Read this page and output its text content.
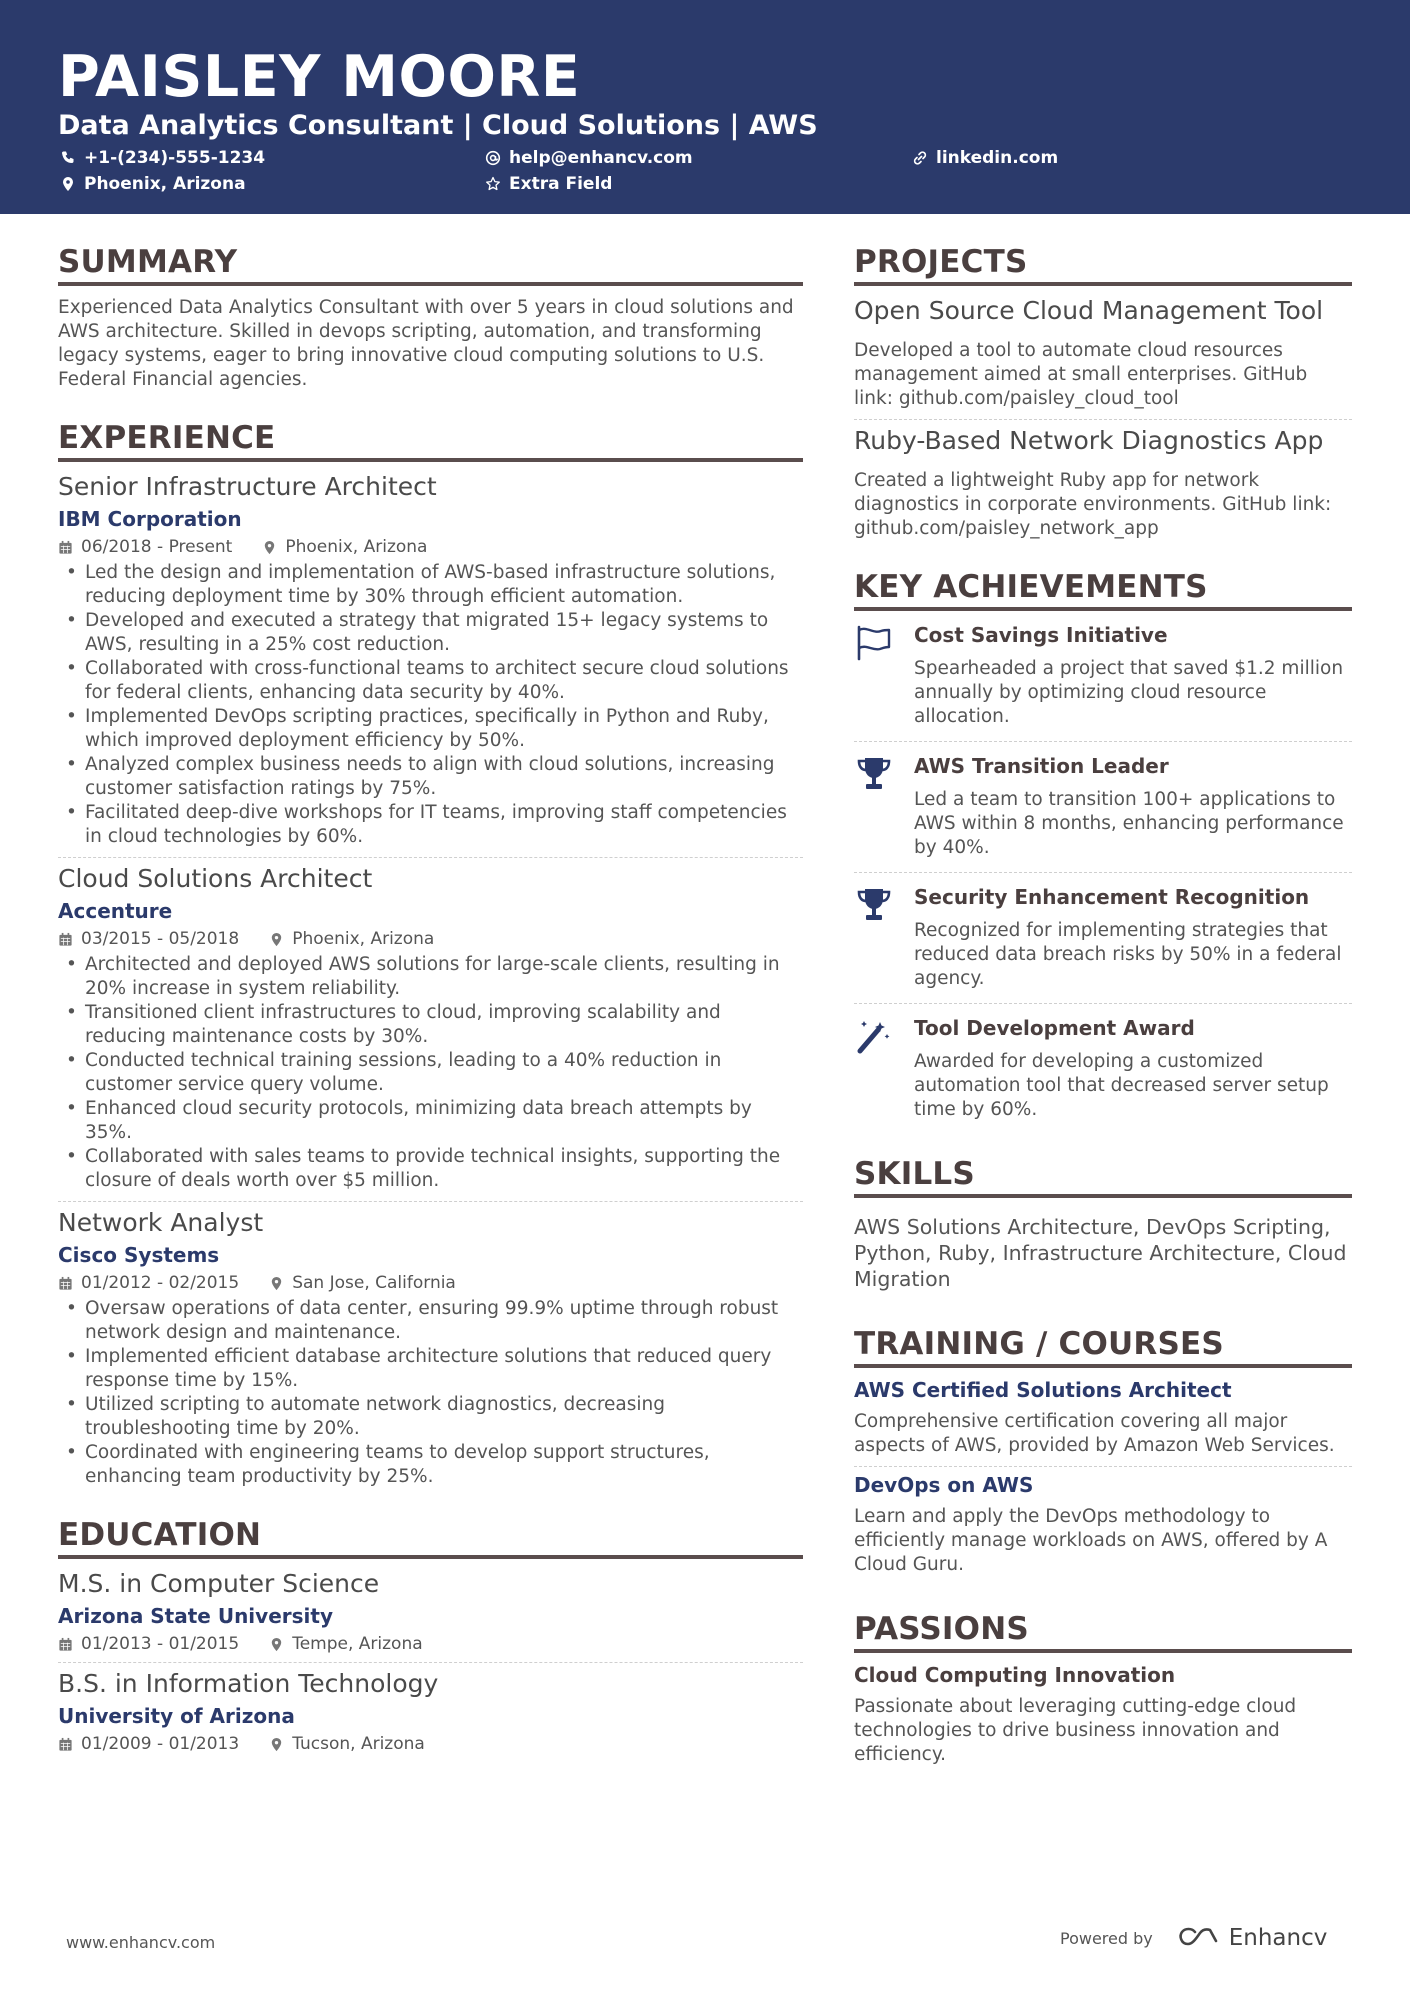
PAISLEY MOORE
Data Analytics Consultant | Cloud Solutions | AWS
+1-(234)-555-1234	help@enhancv.com	linkedin.com
Phoenix, Arizona	Extra Field
SUMMARY
Experienced Data Analytics Consultant with over 5 years in cloud solutions and AWS architecture. Skilled in devops scripting, automation, and transforming legacy systems, eager to bring innovative cloud computing solutions to U.S. Federal Financial agencies.
EXPERIENCE
Senior Infrastructure Architect
IBM Corporation
06/2018 - Present	Phoenix, Arizona
• Led the design and implementation of AWS-based infrastructure solutions, reducing deployment time by 30% through efficient automation.
• Developed and executed a strategy that migrated 15+ legacy systems to AWS, resulting in a 25% cost reduction.
• Collaborated with cross-functional teams to architect secure cloud solutions for federal clients, enhancing data security by 40%.
• Implemented DevOps scripting practices, specifically in Python and Ruby, which improved deployment efficiency by 50%.
• Analyzed complex business needs to align with cloud solutions, increasing customer satisfaction ratings by 75%.
• Facilitated deep-dive workshops for IT teams, improving staff competencies in cloud technologies by 60%.
Cloud Solutions Architect
Accenture
03/2015 - 05/2018	Phoenix, Arizona
• Architected and deployed AWS solutions for large-scale clients, resulting in 20% increase in system reliability.
• Transitioned client infrastructures to cloud, improving scalability and reducing maintenance costs by 30%.
• Conducted technical training sessions, leading to a 40% reduction in customer service query volume.
• Enhanced cloud security protocols, minimizing data breach attempts by 35%.
• Collaborated with sales teams to provide technical insights, supporting the closure of deals worth over $5 million.
Network Analyst
Cisco Systems
01/2012 - 02/2015	San Jose, California
• Oversaw operations of data center, ensuring 99.9% uptime through robust network design and maintenance.
• Implemented efficient database architecture solutions that reduced query response time by 15%.
• Utilized scripting to automate network diagnostics, decreasing troubleshooting time by 20%.
• Coordinated with engineering teams to develop support structures, enhancing team productivity by 25%.
EDUCATION
M.S. in Computer Science
Arizona State University
01/2013 - 01/2015	Tempe, Arizona
B.S. in Information Technology
University of Arizona
01/2009 - 01/2013	Tucson, Arizona
PROJECTS
Open Source Cloud Management Tool
Developed a tool to automate cloud resources management aimed at small enterprises. GitHub link: github.com/paisley_cloud_tool
Ruby-Based Network Diagnostics App
Created a lightweight Ruby app for network diagnostics in corporate environments. GitHub link: github.com/paisley_network_app
KEY ACHIEVEMENTS
Cost Savings Initiative
Spearheaded a project that saved $1.2 million annually by optimizing cloud resource allocation.
AWS Transition Leader
Led a team to transition 100+ applications to AWS within 8 months, enhancing performance by 40%.
Security Enhancement Recognition
Recognized for implementing strategies that reduced data breach risks by 50% in a federal agency.
Tool Development Award
Awarded for developing a customized automation tool that decreased server setup time by 60%.
SKILLS
AWS Solutions Architecture, DevOps Scripting, Python, Ruby, Infrastructure Architecture, Cloud Migration
TRAINING / COURSES
AWS Certified Solutions Architect
Comprehensive certification covering all major aspects of AWS, provided by Amazon Web Services.
DevOps on AWS
Learn and apply the DevOps methodology to efficiently manage workloads on AWS, offered by A Cloud Guru.
PASSIONS
Cloud Computing Innovation
Passionate about leveraging cutting-edge cloud technologies to drive business innovation and efficiency.
www.enhancv.com	Powered by	Enhancv
